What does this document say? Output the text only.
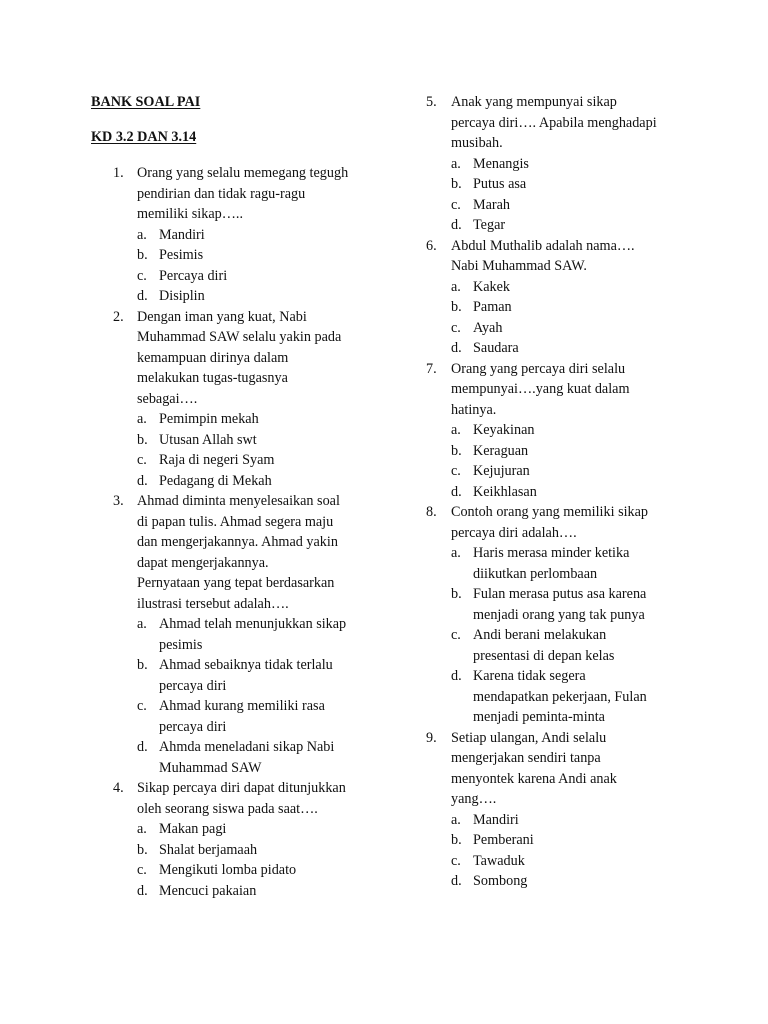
BANK SOAL PAI

KD 3.2 DAN 3.14

1. Orang yang selalu memegang tegugh
pendirian dan tidak ragu-ragu
memiliki sikap…..
a. Mandiri
b. Pesimis
c. Percaya diri
d. Disiplin
2. Dengan iman yang kuat, Nabi
Muhammad SAW selalu yakin pada
kemampuan dirinya dalam
melakukan tugas-tugasnya
sebagai….
a. Pemimpin mekah
b. Utusan Allah swt
c. Raja di negeri Syam
d. Pedagang di Mekah
3. Ahmad diminta menyelesaikan soal
di papan tulis. Ahmad segera maju
dan mengerjakannya. Ahmad yakin
dapat mengerjakannya.
Pernyataan yang tepat berdasarkan
ilustrasi tersebut adalah….
a. Ahmad telah menunjukkan sikap
pesimis
b. Ahmad sebaiknya tidak terlalu
percaya diri
c. Ahmad kurang memiliki rasa
percaya diri
d. Ahmda meneladani sikap Nabi
Muhammad SAW
4. Sikap percaya diri dapat ditunjukkan
oleh seorang siswa pada saat….
a. Makan pagi
b. Shalat berjamaah
c. Mengikuti lomba pidato
d. Mencuci pakaian
5.	Anak yang mempunyai sikap
percaya diri…. Apabila menghadapi
musibah.
a. Menangis
b. Putus asa
c. Marah
d. Tegar
6.	Abdul Muthalib adalah nama….
Nabi Muhammad SAW.
a. Kakek
b. Paman
c. Ayah
d. Saudara
7.	Orang yang percaya diri selalu
mempunyai….yang kuat dalam
hatinya.
a. Keyakinan
b. Keraguan
c. Kejujuran
d. Keikhlasan
8.	Contoh orang yang memiliki sikap
percaya diri adalah….
a. Haris merasa minder ketika
diikutkan perlombaan
b. Fulan merasa putus asa karena
menjadi orang yang tak punya
c. Andi berani melakukan
presentasi di depan kelas
d. Karena tidak segera
mendapatkan pekerjaan, Fulan
menjadi peminta-minta
9.	Setiap ulangan, Andi selalu
mengerjakan sendiri tanpa
menyontek karena Andi anak
yang….
a. Mandiri
b. Pemberani
c. Tawaduk
d. Sombong
